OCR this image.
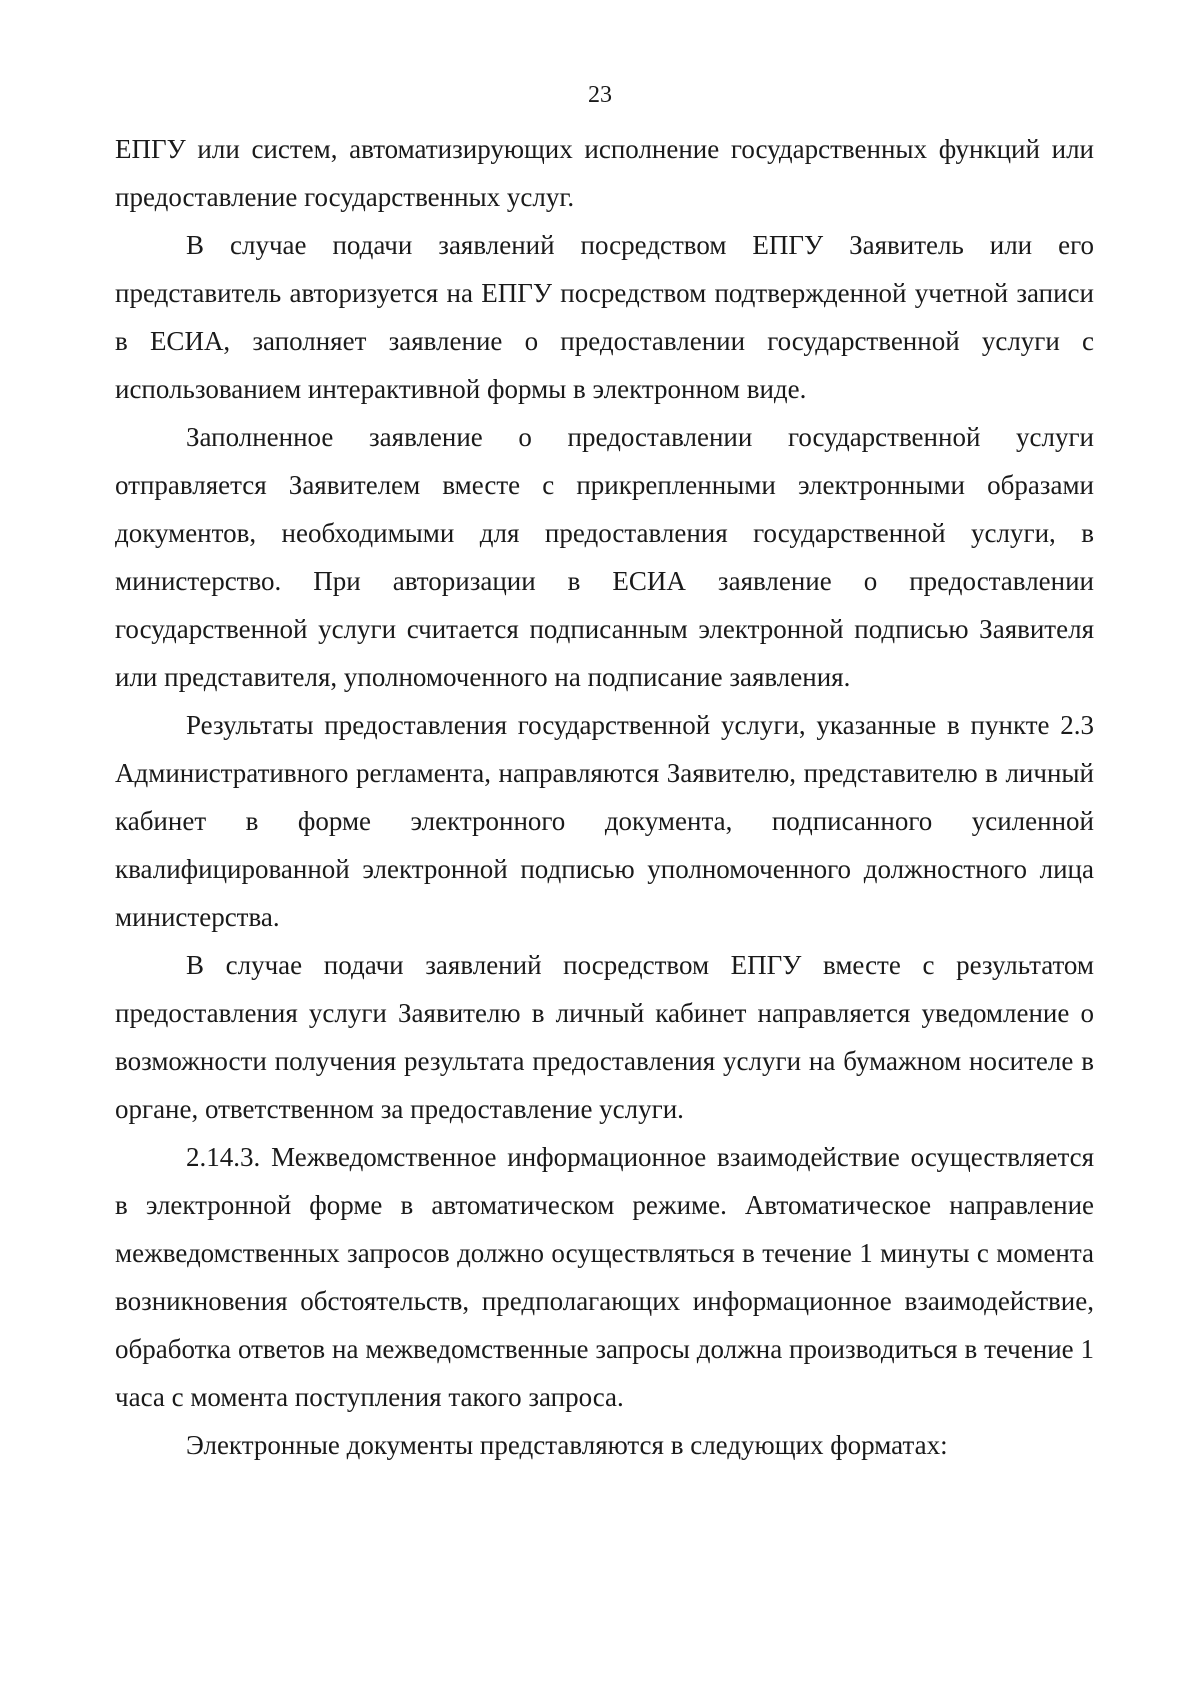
23

ЕПГУ или систем, автоматизирующих исполнение государственных функций или предоставление государственных услуг.

В случае подачи заявлений посредством ЕПГУ Заявитель или его представитель авторизуется на ЕПГУ посредством подтвержденной учетной записи в ЕСИА, заполняет заявление о предоставлении государственной услуги с использованием интерактивной формы в электронном виде.

Заполненное заявление о предоставлении государственной услуги отправляется Заявителем вместе с прикрепленными электронными образами документов, необходимыми для предоставления государственной услуги, в министерство. При авторизации в ЕСИА заявление о предоставлении государственной услуги считается подписанным электронной подписью Заявителя или представителя, уполномоченного на подписание заявления.

Результаты предоставления государственной услуги, указанные в пункте 2.3 Административного регламента, направляются Заявителю, представителю в личный кабинет в форме электронного документа, подписанного усиленной квалифицированной электронной подписью уполномоченного должностного лица министерства.

В случае подачи заявлений посредством ЕПГУ вместе с результатом предоставления услуги Заявителю в личный кабинет направляется уведомление о возможности получения результата предоставления услуги на бумажном носителе в органе, ответственном за предоставление услуги.

2.14.3. Межведомственное информационное взаимодействие осуществляется в электронной форме в автоматическом режиме. Автоматическое направление межведомственных запросов должно осуществляться в течение 1 минуты с момента возникновения обстоятельств, предполагающих информационное взаимодействие, обработка ответов на межведомственные запросы должна производиться в течение 1 часа с момента поступления такого запроса.

Электронные документы представляются в следующих форматах:
